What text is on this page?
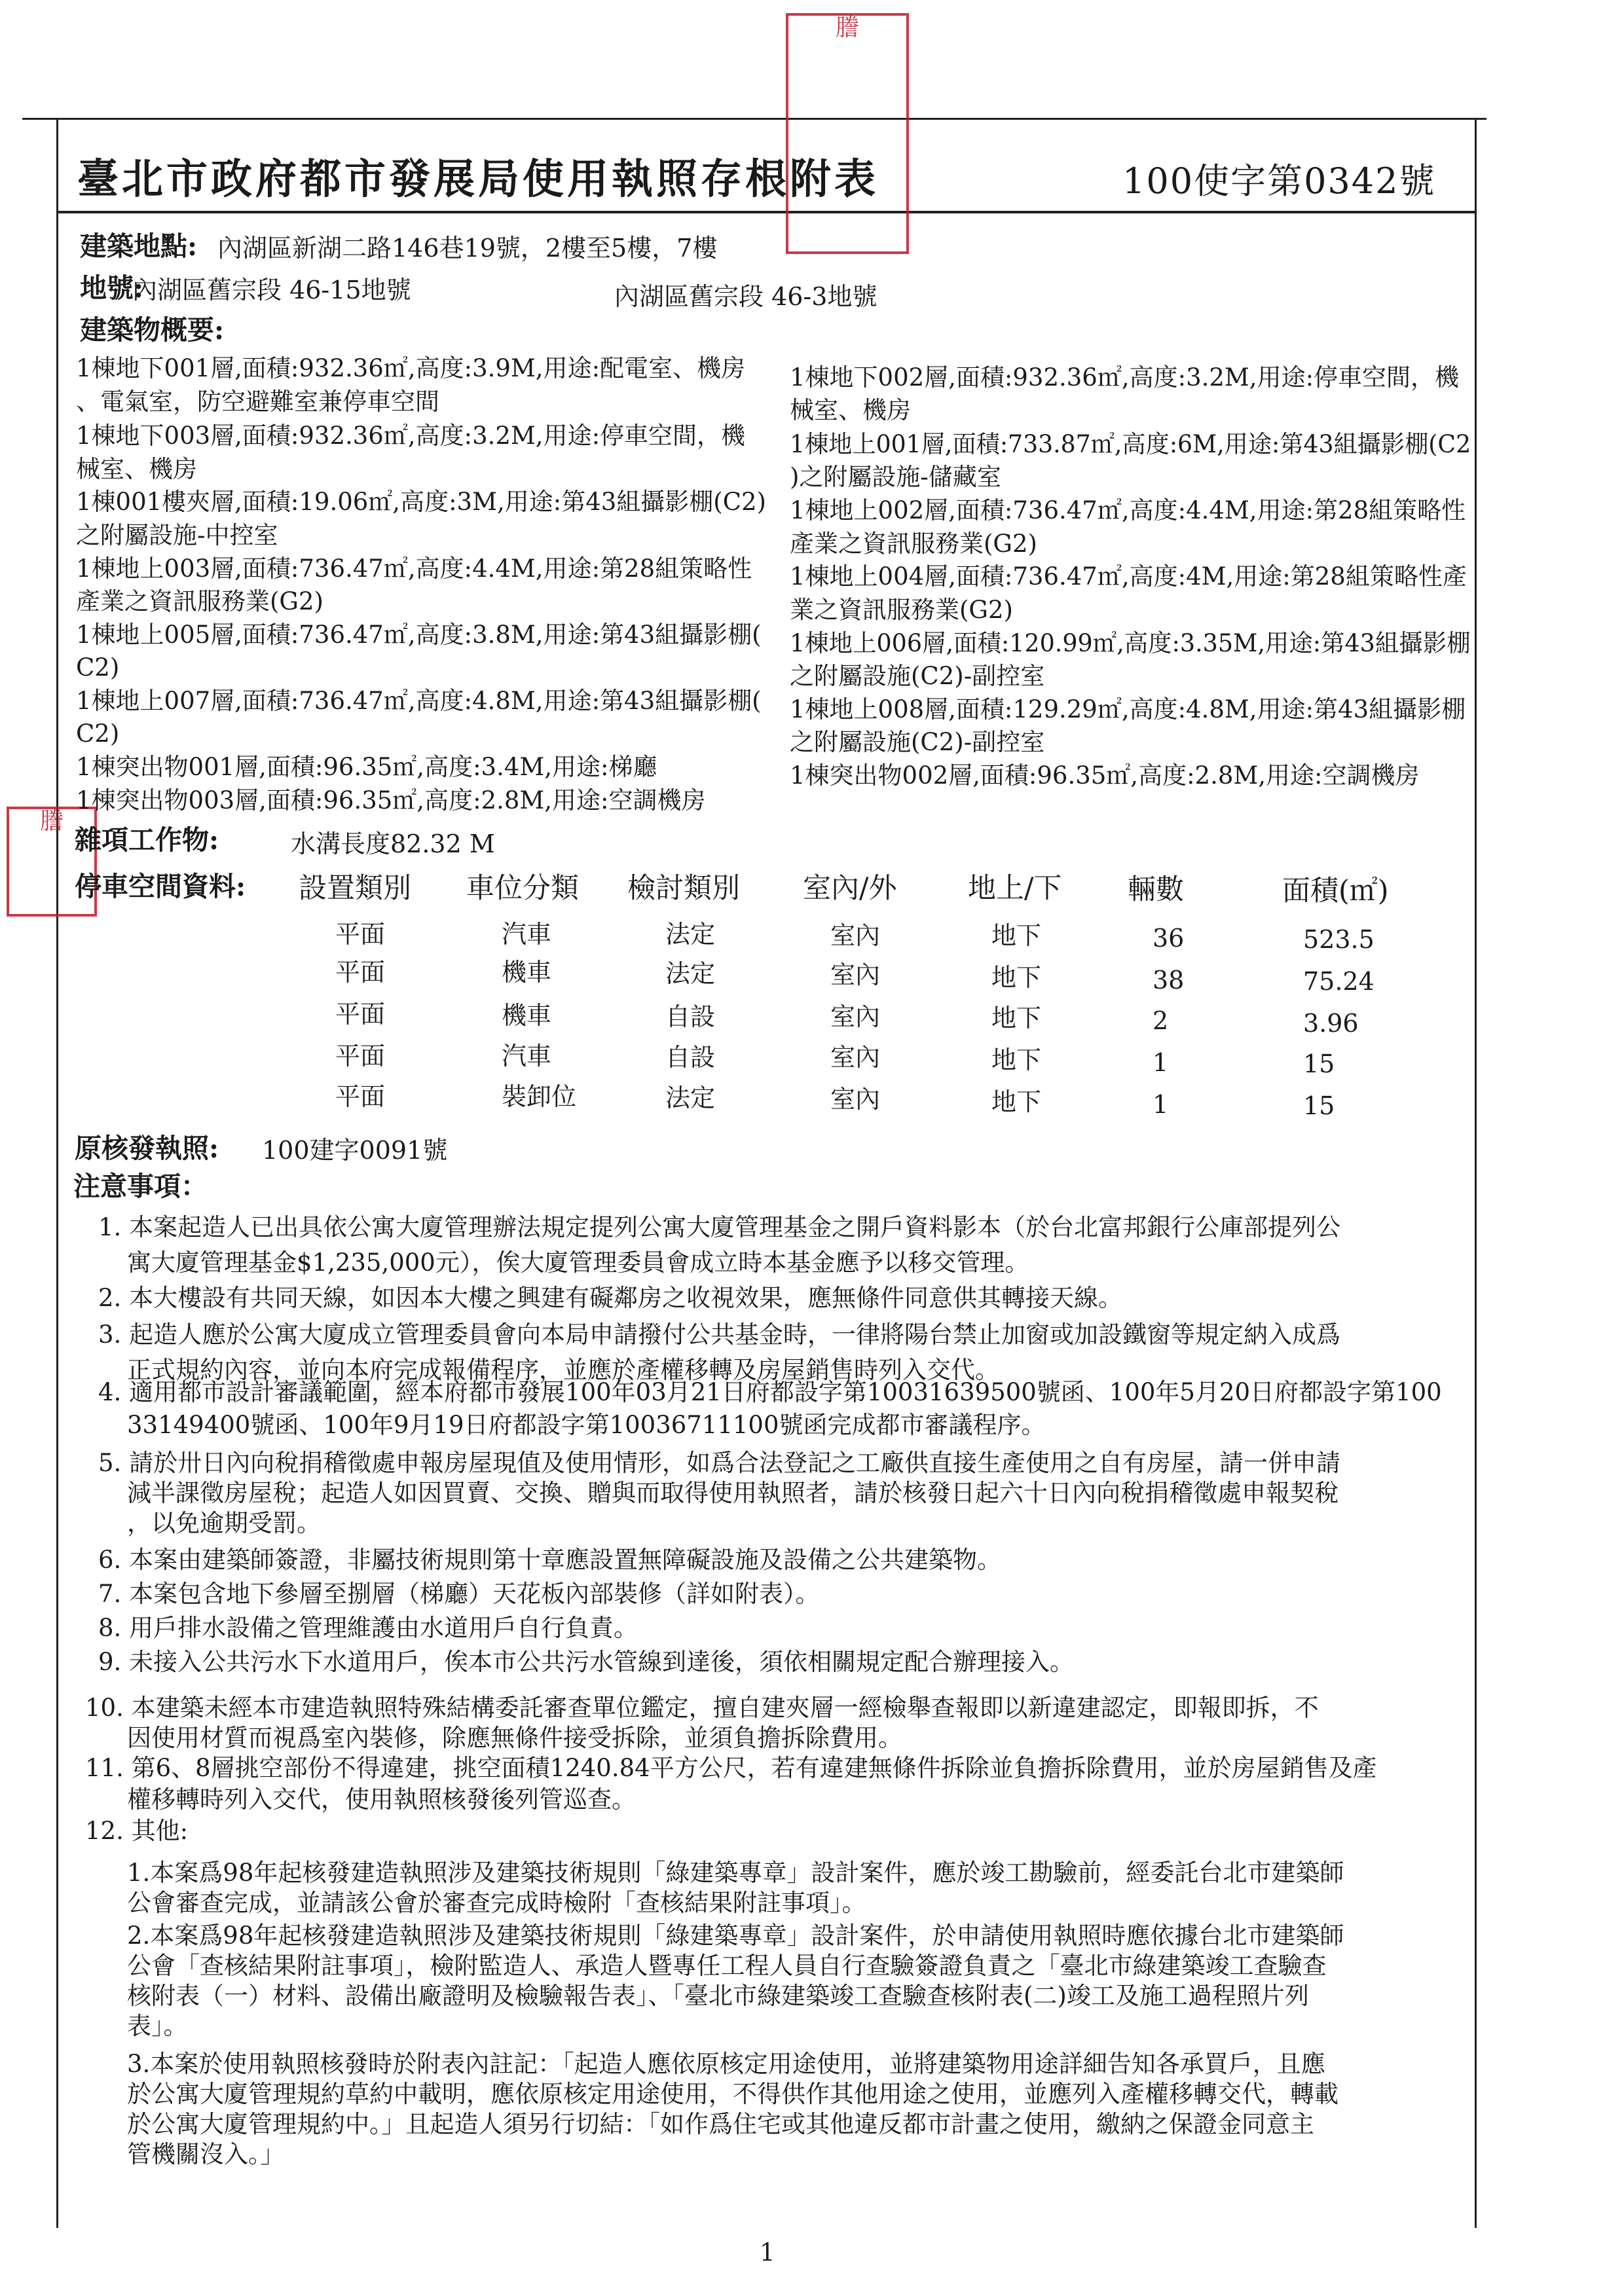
謄
謄
臺北市政府都市發展局使用執照存根附表	100使字第0342號
建築地點: 內湖區新湖二路146巷19號，2樓至5樓，7樓
地號:
內湖區舊宗段 46-15地號	內湖區舊宗段 46-3地號
建築物概要:
1棟地下001層,面積:932.36㎡,高度:3.9M,用途:配電室、機房
、電氣室，防空避難室兼停車空間
1棟地下003層,面積:932.36㎡,高度:3.2M,用途:停車空間，機
械室、機房
1棟001樓夾層,面積:19.06㎡,高度:3M,用途:第43組攝影棚(C2)
之附屬設施-中控室
1棟地上003層,面積:736.47㎡,高度:4.4M,用途:第28組策略性
產業之資訊服務業(G2)
1棟地上005層,面積:736.47㎡,高度:3.8M,用途:第43組攝影棚(
C2)
1棟地上007層,面積:736.47㎡,高度:4.8M,用途:第43組攝影棚(
C2)
1棟突出物001層,面積:96.35㎡,高度:3.4M,用途:梯廳
1棟突出物003層,面積:96.35㎡,高度:2.8M,用途:空調機房
1棟地下002層,面積:932.36㎡,高度:3.2M,用途:停車空間，機
械室、機房
1棟地上001層,面積:733.87㎡,高度:6M,用途:第43組攝影棚(C2
)之附屬設施-儲藏室
1棟地上002層,面積:736.47㎡,高度:4.4M,用途:第28組策略性
產業之資訊服務業(G2)
1棟地上004層,面積:736.47㎡,高度:4M,用途:第28組策略性產
業之資訊服務業(G2)
1棟地上006層,面積:120.99㎡,高度:3.35M,用途:第43組攝影棚
之附屬設施(C2)-副控室
1棟地上008層,面積:129.29㎡,高度:4.8M,用途:第43組攝影棚
之附屬設施(C2)-副控室
1棟突出物002層,面積:96.35㎡,高度:2.8M,用途:空調機房
雜項工作物:	水溝長度82.32 M
停車空間資料: 設置類別 車位分類 檢討類別 室內/外	地上/下 輛數	面積(㎡)
平面	汽車	法定	室內	地下	36	523.5
平面	機車	法定	室內	地下	38	75.24
平面	機車	自設	室內	地下	2	3.96
平面	汽車	自設	室內	地下	1	15
平面	裝卸位	法定	室內	地下	1	15
原核發執照: 100建字0091號
注意事項：
1. 本案起造人已出具依公寓大廈管理辦法規定提列公寓大廈管理基金之開戶資料影本（於台北富邦銀行公庫部提列公
寓大廈管理基金$1,235,000元），俟大廈管理委員會成立時本基金應予以移交管理。
2. 本大樓設有共同天線，如因本大樓之興建有礙鄰房之收視效果，應無條件同意供其轉接天線。
3. 起造人應於公寓大廈成立管理委員會向本局申請撥付公共基金時，一律將陽台禁止加窗或加設鐵窗等規定納入成爲
正式規約內容，並向本府完成報備程序，並應於產權移轉及房屋銷售時列入交代。
4. 適用都市設計審議範圍，經本府都市發展100年03月21日府都設字第10031639500號函、100年5月20日府都設字第100
33149400號函、100年9月19日府都設字第10036711100號函完成都市審議程序。
5. 請於卅日內向稅捐稽徵處申報房屋現值及使用情形，如爲合法登記之工廠供直接生產使用之自有房屋，請一併申請
減半課徵房屋稅；起造人如因買賣、交換、贈與而取得使用執照者，請於核發日起六十日內向稅捐稽徵處申報契稅
，以免逾期受罰。
6. 本案由建築師簽證，非屬技術規則第十章應設置無障礙設施及設備之公共建築物。
7. 本案包含地下參層至捌層（梯廳）天花板內部裝修（詳如附表）。
8. 用戶排水設備之管理維護由水道用戶自行負責。
9. 未接入公共污水下水道用戶，俟本市公共污水管線到達後，須依相關規定配合辦理接入。
10. 本建築未經本市建造執照特殊結構委託審查單位鑑定，擅自建夾層一經檢舉查報即以新違建認定，即報即拆，不
因使用材質而視爲室內裝修，除應無條件接受拆除，並須負擔拆除費用。
11. 第6、8層挑空部份不得違建，挑空面積1240.84平方公尺，若有違建無條件拆除並負擔拆除費用，並於房屋銷售及產
權移轉時列入交代，使用執照核發後列管巡查。
12. 其他:
1.本案爲98年起核發建造執照涉及建築技術規則「綠建築專章」設計案件，應於竣工勘驗前，經委託台北市建築師
公會審查完成，並請該公會於審查完成時檢附「查核結果附註事項」。
2.本案爲98年起核發建造執照涉及建築技術規則「綠建築專章」設計案件，於申請使用執照時應依據台北市建築師
公會「查核結果附註事項」，檢附監造人、承造人暨專任工程人員自行查驗簽證負責之「臺北市綠建築竣工查驗查
核附表（一）材料、設備出廠證明及檢驗報告表」、「臺北市綠建築竣工查驗查核附表(二)竣工及施工過程照片列
表」。
3.本案於使用執照核發時於附表內註記：「起造人應依原核定用途使用，並將建築物用途詳細告知各承買戶，且應
於公寓大廈管理規約草約中載明，應依原核定用途使用，不得供作其他用途之使用，並應列入產權移轉交代，轉載
於公寓大廈管理規約中。」且起造人須另行切結：「如作爲住宅或其他違反都市計畫之使用，繳納之保證金同意主
管機關沒入。」
1
